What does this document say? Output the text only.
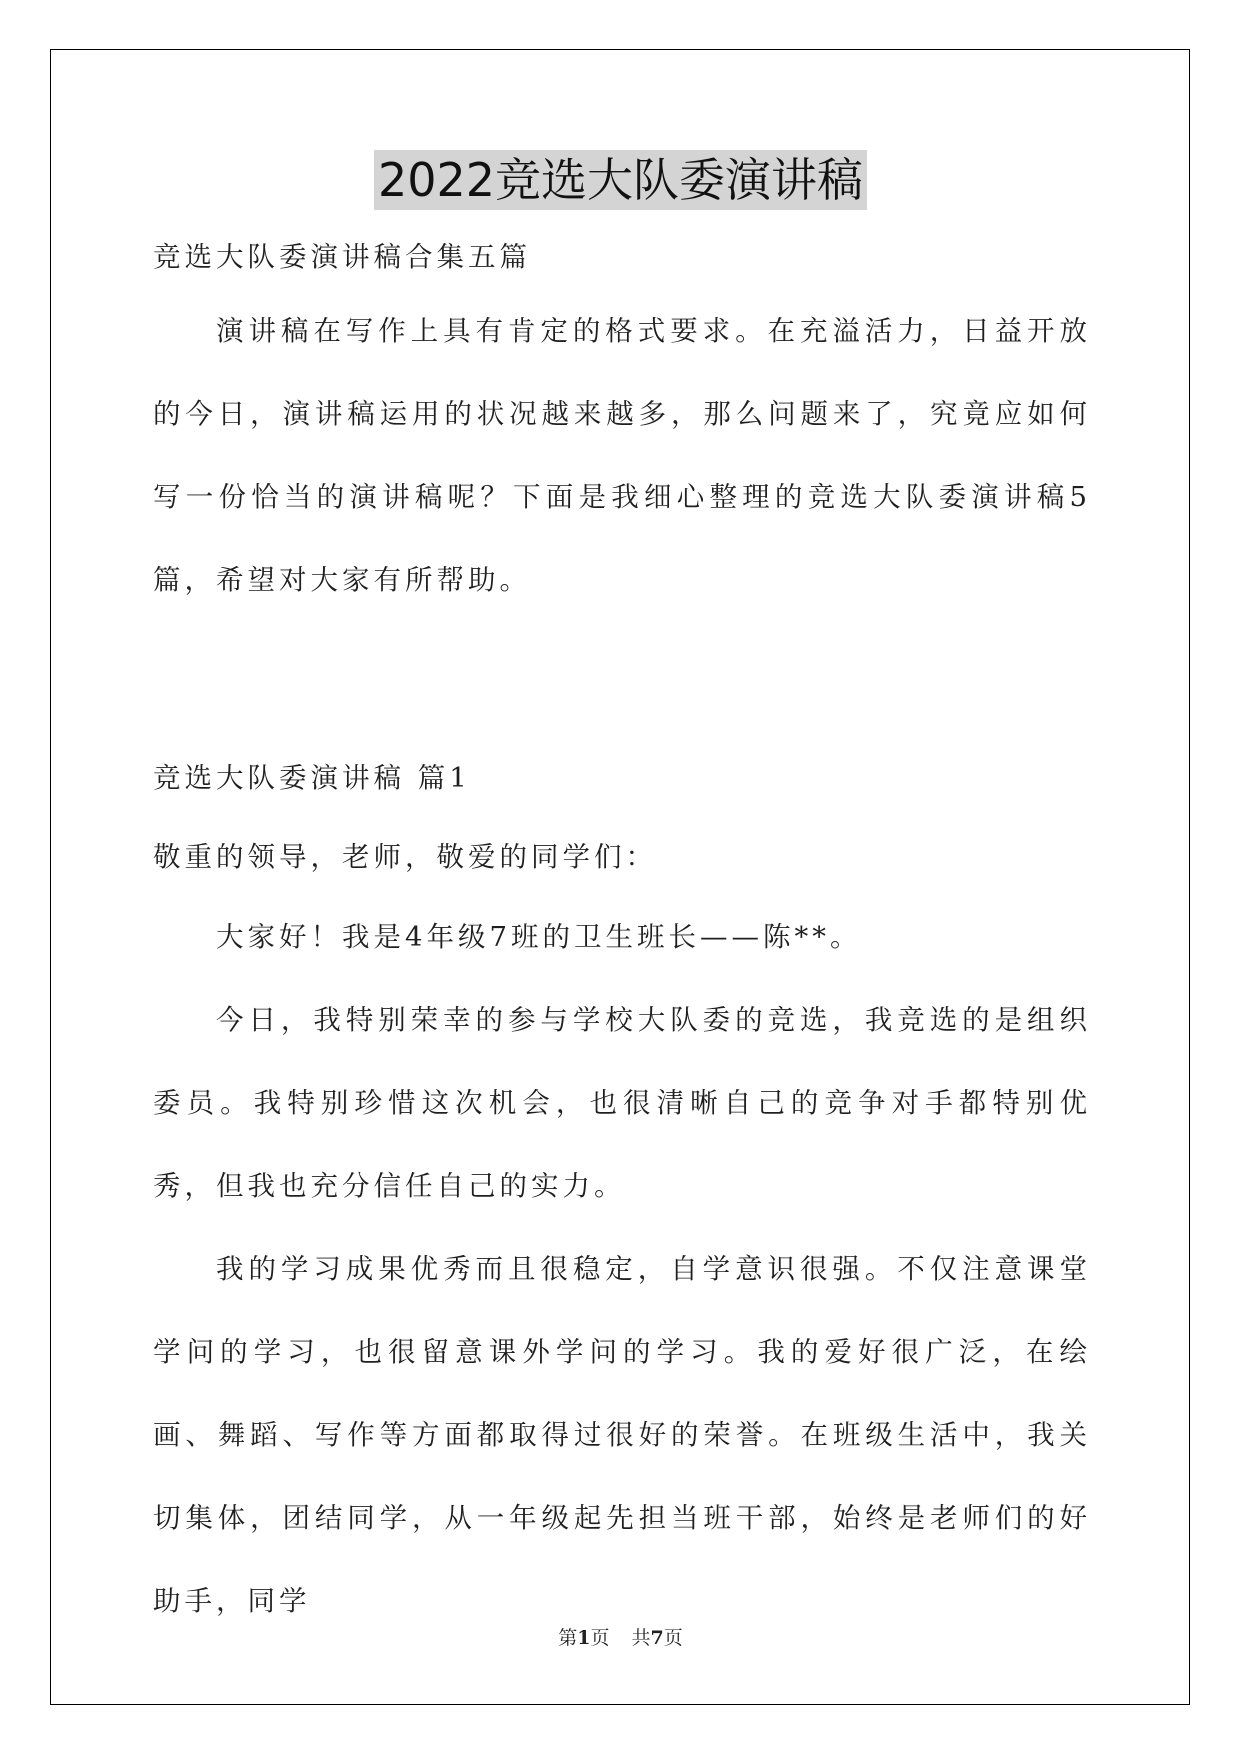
2022竞选大队委演讲稿

竞选大队委演讲稿合集五篇

演讲稿在写作上具有肯定的格式要求。在充溢活力，日益开放的今日，演讲稿运用的状况越来越多，那么问题来了，究竟应如何写一份恰当的演讲稿呢？下面是我细心整理的竞选大队委演讲稿5篇，希望对大家有所帮助。

竞选大队委演讲稿 篇1

敬重的领导，老师，敬爱的同学们：

大家好！我是4年级7班的卫生班长——陈**。

今日，我特别荣幸的参与学校大队委的竞选，我竞选的是组织委员。我特别珍惜这次机会，也很清晰自己的竞争对手都特别优秀，但我也充分信任自己的实力。

我的学习成果优秀而且很稳定，自学意识很强。不仅注意课堂学问的学习，也很留意课外学问的学习。我的爱好很广泛，在绘画、舞蹈、写作等方面都取得过很好的荣誉。在班级生活中，我关切集体，团结同学，从一年级起先担当班干部，始终是老师们的好助手，同学

第1页 共7页
